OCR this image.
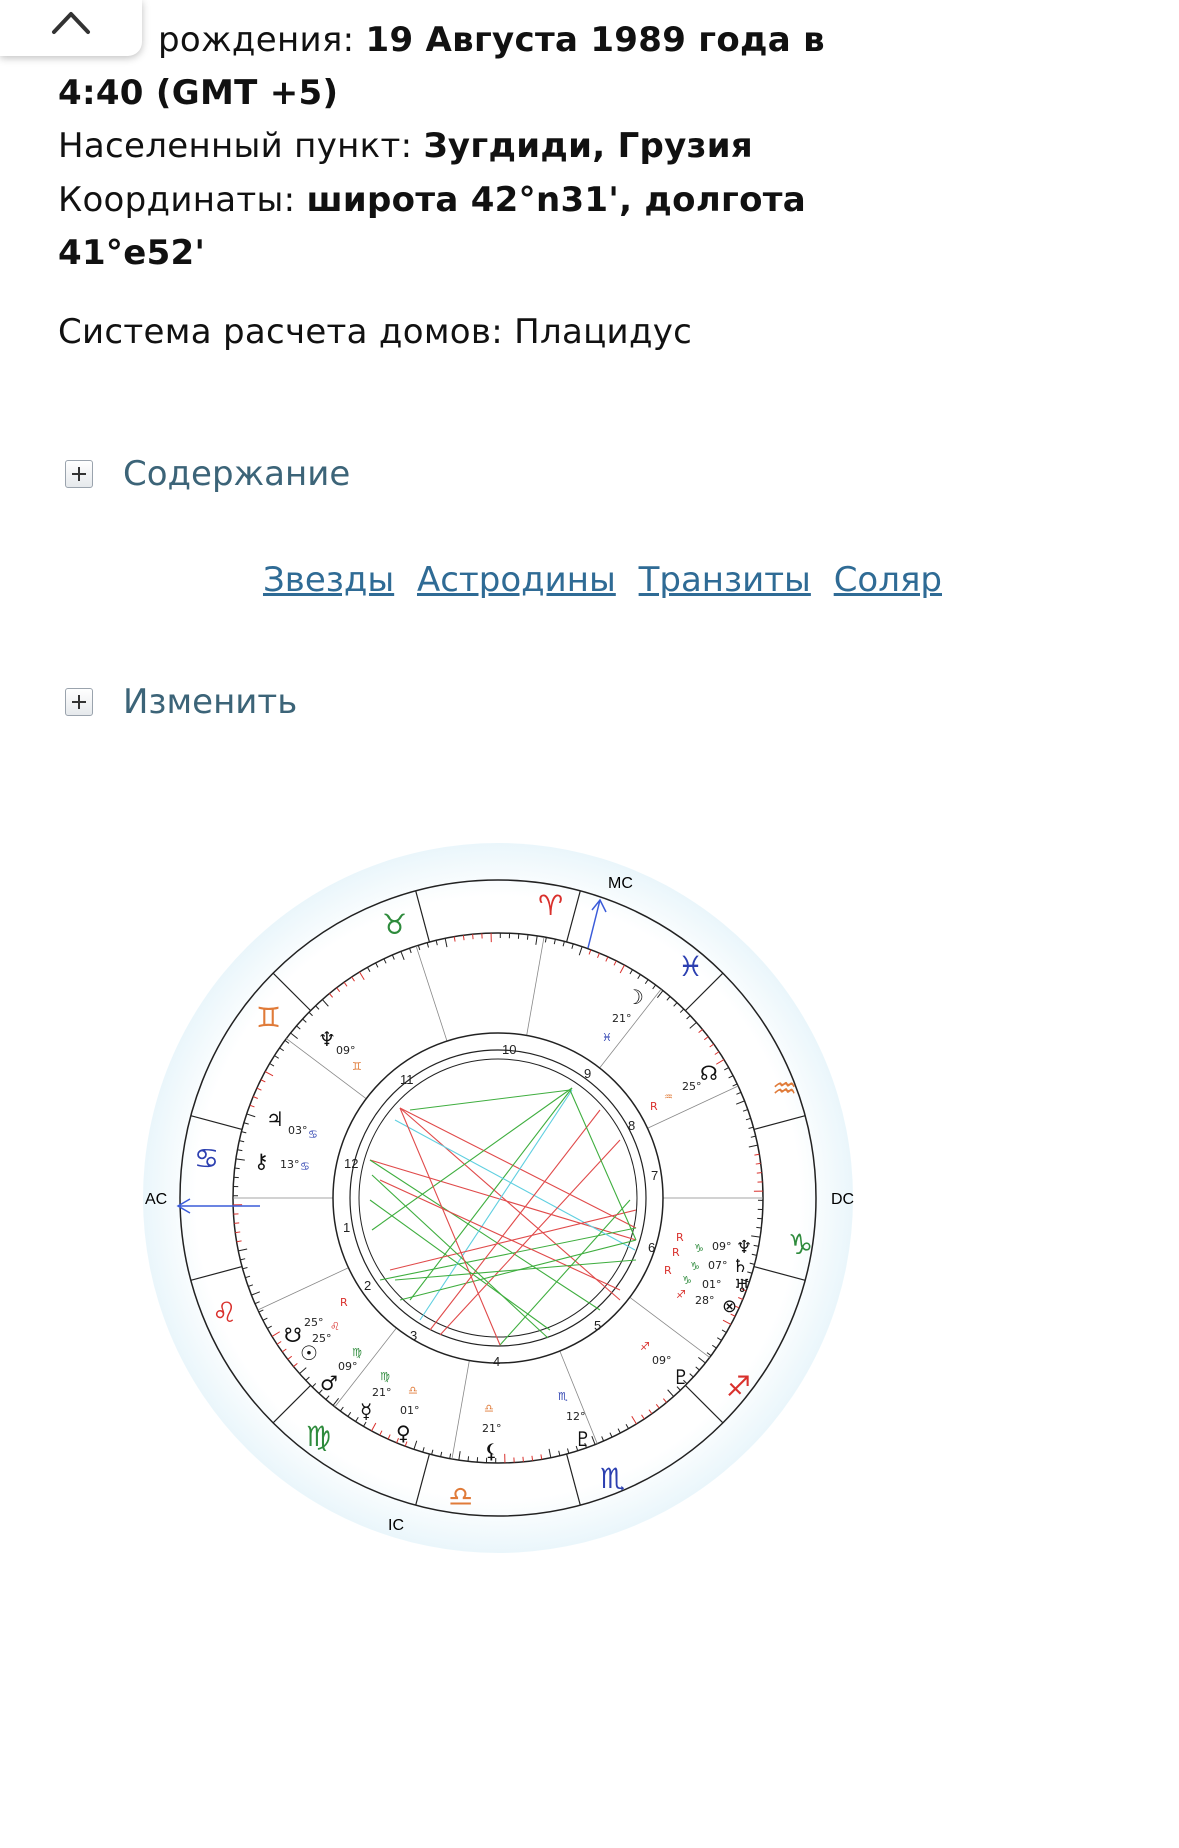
рождения: 19 Августа 1989 года в
4:40 (GMT +5)
Населенный пункт: Зугдиди, Грузия
Координаты: широта 42°n31', долгота
41°e52'
Система расчета домов: Плацидус
Содержание
Звезды Астродины Транзиты Соляр
Изменить
AC	DC
MC
IC
♈
♉
♊
♋
♌
♍
♎
♏
♐
♑
♒
♓
1
2
3
4
5
6
7
8
9
10
11
12
☽
21°
♓
☊
25°
♒
R
♆
09°
♑
R
♄
07°
♑
R
♅
01°
♑
R
⊗
28°
♐
♇
09°
♐
♇
12°
♏
⚸
21°
♎
♀
01°
♎
☿
21°
♍
♂
09°
♍
☉
25°
☋
25° ♌
R
⚷ 13° ♋
♃ 03° ♋
♆ 09°
♊
